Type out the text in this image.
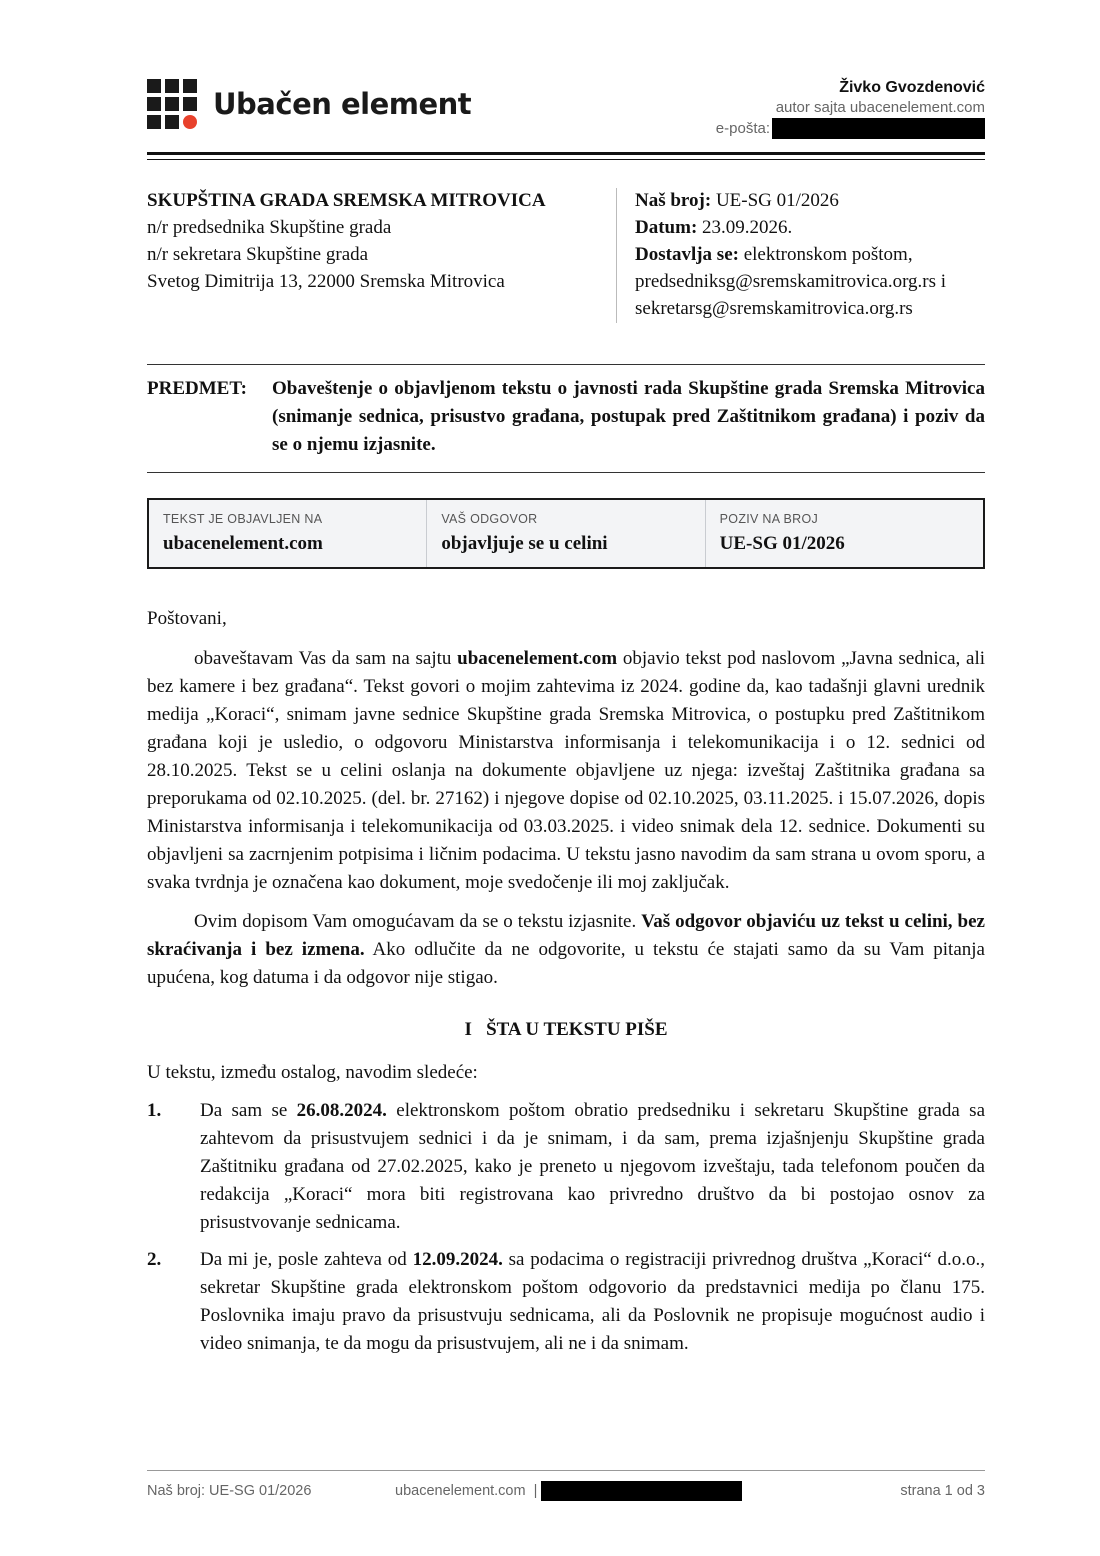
Ubačen element	Živko Gvozdenović
autor sajta ubacenelement.com
e-pošta:
SKUPŠTINA GRADA SREMSKA MITROVICA
n/r predsednika Skupštine grada
n/r sekretara Skupštine grada
Svetog Dimitrija 13, 22000 Sremska Mitrovica
Naš broj: UE-SG 01/2026
Datum: 23.09.2026.
Dostavlja se: elektronskom poštom,
predsedniksg@sremskamitrovica.org.rs i
sekretarsg@sremskamitrovica.org.rs
PREDMET: Obaveštenje o objavljenom tekstu o javnosti rada Skupštine grada Sremska Mitrovica (snimanje sednica, prisustvo građana, postupak pred Zaštitnikom građana) i poziv da se o njemu izjasnite.
TEKST JE OBJAVLJEN NA
ubacenelement.com
VAŠ ODGOVOR
objavljuje se u celini
POZIV NA BROJ
UE-SG 01/2026

Poštovani,

obaveštavam Vas da sam na sajtu ubacenelement.com objavio tekst pod naslovom „Javna sednica, ali bez kamere i bez građana“. Tekst govori o mojim zahtevima iz 2024. godine da, kao tadašnji glavni urednik medija „Koraci“, snimam javne sednice Skupštine grada Sremska Mitrovica, o postupku pred Zaštitnikom građana koji je usledio, o odgovoru Ministarstva informisanja i telekomunikacija i o 12. sednici od 28.10.2025. Tekst se u celini oslanja na dokumente objavljene uz njega: izveštaj Zaštitnika građana sa preporukama od 02.10.2025. (del. br. 27162) i njegove dopise od 02.10.2025, 03.11.2025. i 15.07.2026, dopis Ministarstva informisanja i telekomunikacija od 03.03.2025. i video snimak dela 12. sednice. Dokumenti su objavljeni sa zacrnjenim potpisima i ličnim podacima. U tekstu jasno navodim da sam strana u ovom sporu, a svaka tvrdnja je označena kao dokument, moje svedočenje ili moj zaključak.

Ovim dopisom Vam omogućavam da se o tekstu izjasnite. Vaš odgovor objaviću uz tekst u celini, bez skraćivanja i bez izmena. Ako odlučite da ne odgovorite, u tekstu će stajati samo da su Vam pitanja upućena, kog datuma i da odgovor nije stigao.

I   ŠTA U TEKSTU PIŠE

U tekstu, između ostalog, navodim sledeće:

1. Da sam se 26.08.2024. elektronskom poštom obratio predsedniku i sekretaru Skupštine grada sa zahtevom da prisustvujem sednici i da je snimam, i da sam, prema izjašnjenju Skupštine grada Zaštitniku građana od 27.02.2025, kako je preneto u njegovom izveštaju, tada telefonom poučen da redakcija „Koraci“ mora biti registrovana kao privredno društvo da bi postojao osnov za prisustvovanje sednicama.
2. Da mi je, posle zahteva od 12.09.2024. sa podacima o registraciji privrednog društva „Koraci“ d.o.o., sekretar Skupštine grada elektronskom poštom odgovorio da predstavnici medija po članu 175. Poslovnika imaju pravo da prisustvuju sednicama, ali da Poslovnik ne propisuje mogućnost audio i video snimanja, te da mogu da prisustvujem, ali ne i da snimam.
Naš broj: UE-SG 01/2026	ubacenelement.com  |	strana 1 od 3
